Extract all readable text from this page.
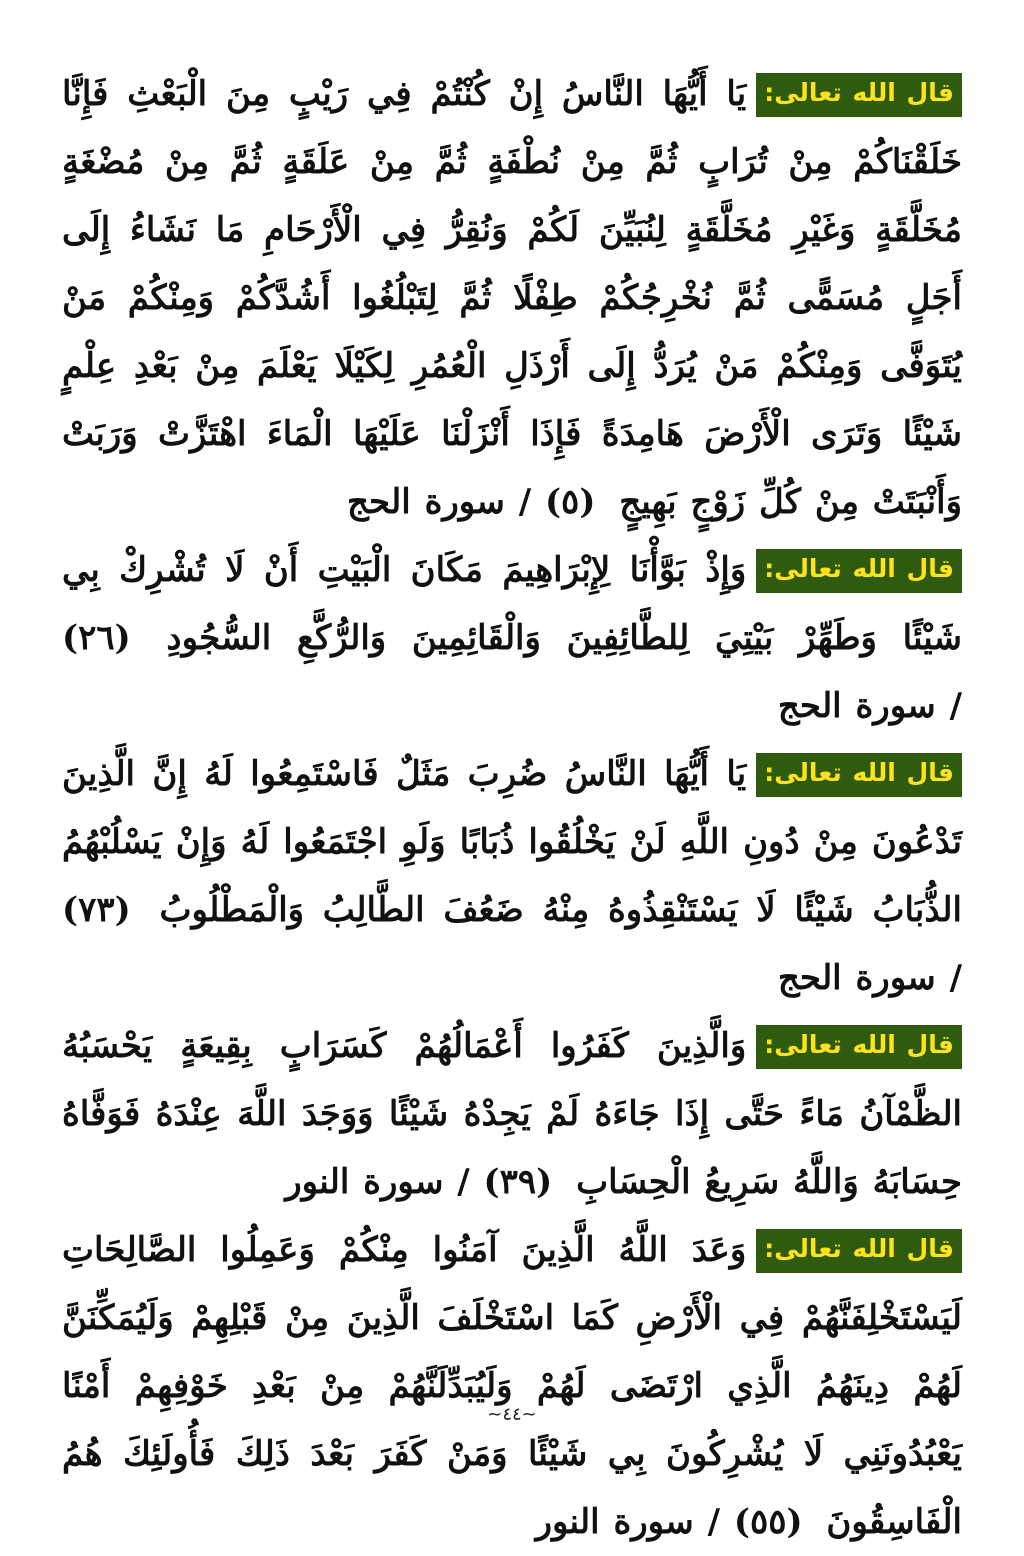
قال الله تعالى:يَا أَيُّهَا النَّاسُ إِنْ كُنْتُمْ فِي رَيْبٍ مِنَ الْبَعْثِ فَإِنَّا خَلَقْنَاكُمْ مِنْ تُرَابٍ ثُمَّ مِنْ نُطْفَةٍ ثُمَّ مِنْ عَلَقَةٍ ثُمَّ مِنْ مُضْغَةٍ مُخَلَّقَةٍ وَغَيْرِ مُخَلَّقَةٍ لِنُبَيِّنَ لَكُمْ وَنُقِرُّ فِي الْأَرْحَامِ مَا نَشَاءُ إِلَى أَجَلٍ مُسَمًّى ثُمَّ نُخْرِجُكُمْ طِفْلًا ثُمَّ لِتَبْلُغُوا أَشُدَّكُمْ وَمِنْكُمْ مَنْ يُتَوَفَّى وَمِنْكُمْ مَنْ يُرَدُّ إِلَى أَرْذَلِ الْعُمُرِ لِكَيْلَا يَعْلَمَ مِنْ بَعْدِ عِلْمٍ شَيْئًا وَتَرَى الْأَرْضَ هَامِدَةً فَإِذَا أَنْزَلْنَا عَلَيْهَا الْمَاءَ اهْتَزَّتْ وَرَبَتْ وَأَنْبَتَتْ مِنْ كُلِّ زَوْجٍ بَهِيجٍ (٥) / سورة الحج
قال الله تعالى:وَإِذْ بَوَّأْنَا لِإِبْرَاهِيمَ مَكَانَ الْبَيْتِ أَنْ لَا تُشْرِكْ بِي شَيْئًا وَطَهِّرْ بَيْتِيَ لِلطَّائِفِينَ وَالْقَائِمِينَ وَالرُّكَّعِ السُّجُودِ (٢٦) / سورة الحج
قال الله تعالى:يَا أَيُّهَا النَّاسُ ضُرِبَ مَثَلٌ فَاسْتَمِعُوا لَهُ إِنَّ الَّذِينَ تَدْعُونَ مِنْ دُونِ اللَّهِ لَنْ يَخْلُقُوا ذُبَابًا وَلَوِ اجْتَمَعُوا لَهُ وَإِنْ يَسْلُبْهُمُ الذُّبَابُ شَيْئًا لَا يَسْتَنْقِذُوهُ مِنْهُ ضَعُفَ الطَّالِبُ وَالْمَطْلُوبُ (٧٣) / سورة الحج
قال الله تعالى:وَالَّذِينَ كَفَرُوا أَعْمَالُهُمْ كَسَرَابٍ بِقِيعَةٍ يَحْسَبُهُ الظَّمْآنُ مَاءً حَتَّى إِذَا جَاءَهُ لَمْ يَجِدْهُ شَيْئًا وَوَجَدَ اللَّهَ عِنْدَهُ فَوَفَّاهُ حِسَابَهُ وَاللَّهُ سَرِيعُ الْحِسَابِ (٣٩) / سورة النور
قال الله تعالى:وَعَدَ اللَّهُ الَّذِينَ آمَنُوا مِنْكُمْ وَعَمِلُوا الصَّالِحَاتِ لَيَسْتَخْلِفَنَّهُمْ فِي الْأَرْضِ كَمَا اسْتَخْلَفَ الَّذِينَ مِنْ قَبْلِهِمْ وَلَيُمَكِّنَنَّ لَهُمْ دِينَهُمُ الَّذِي ارْتَضَى لَهُمْ وَلَيُبَدِّلَنَّهُمْ مِنْ بَعْدِ خَوْفِهِمْ أَمْنًا يَعْبُدُونَنِي لَا يُشْرِكُونَ بِي شَيْئًا وَمَنْ كَفَرَ بَعْدَ ذَلِكَ فَأُولَئِكَ هُمُ الْفَاسِقُونَ (٥٥) / سورة النور
~٤٤~
